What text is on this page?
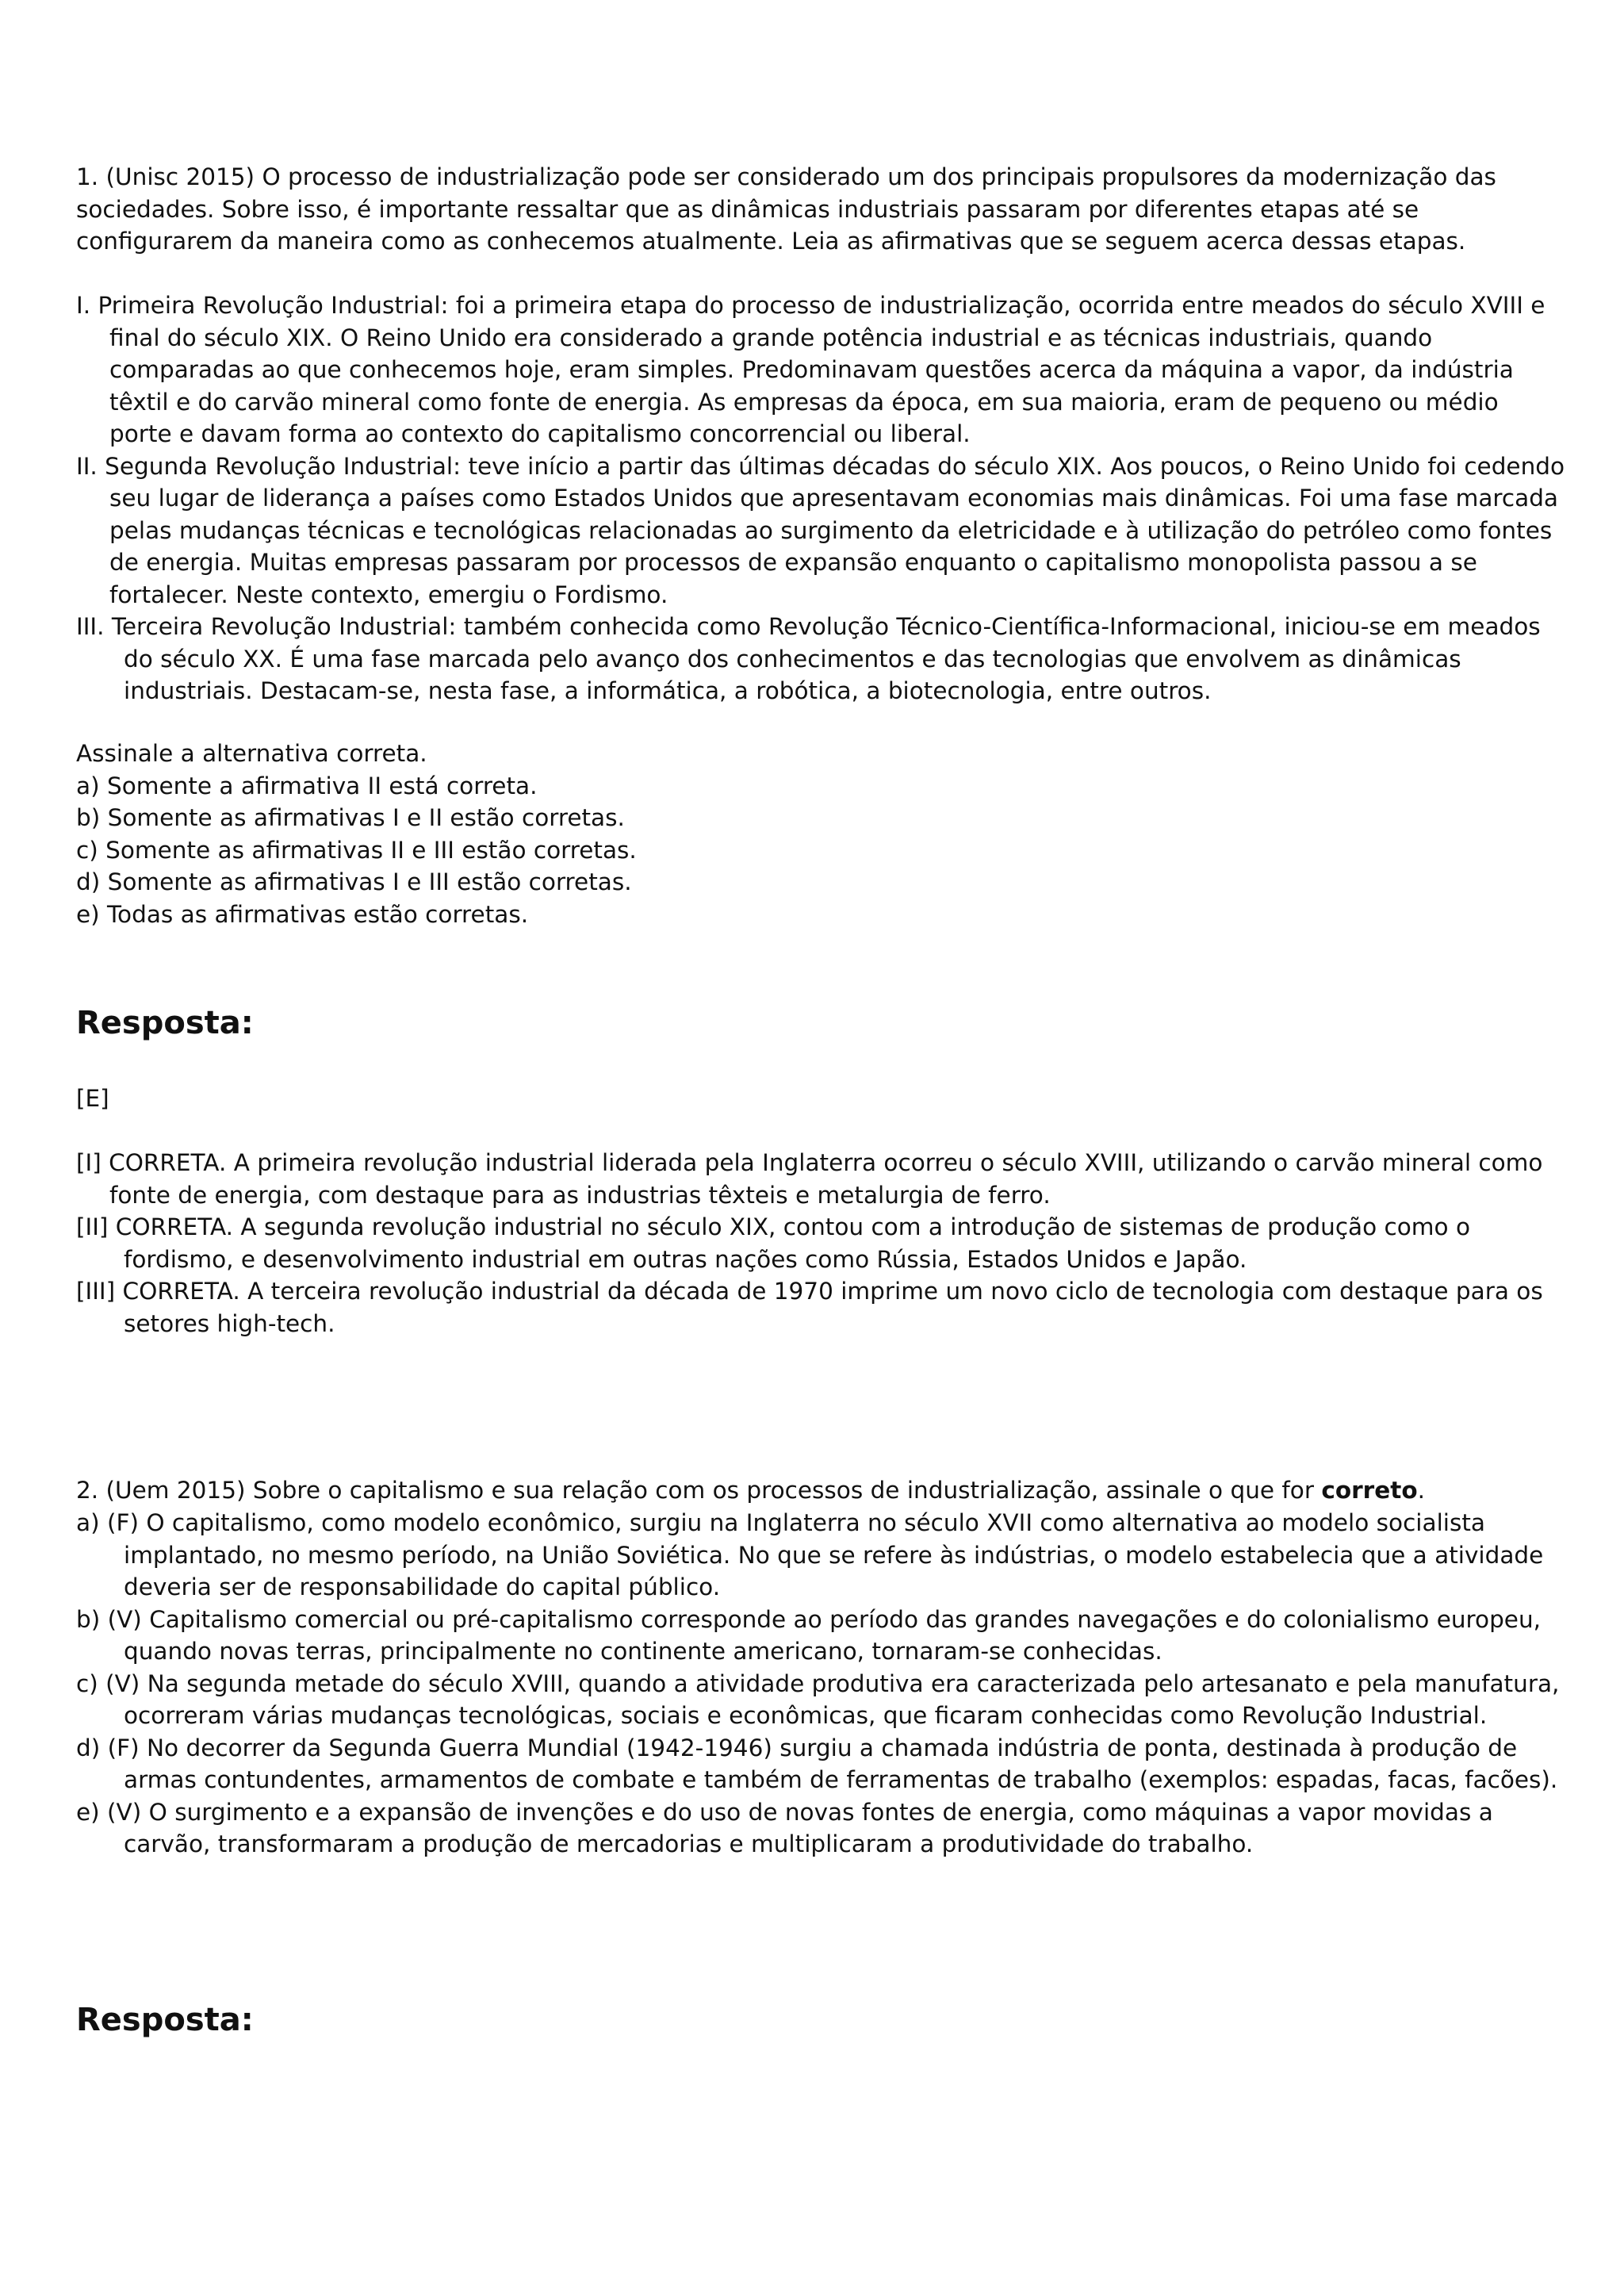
1. (Unisc 2015) O processo de industrialização pode ser considerado um dos principais propulsores da modernização das sociedades. Sobre isso, é importante ressaltar que as dinâmicas industriais passaram por diferentes etapas até se configurarem da maneira como as conhecemos atualmente. Leia as afirmativas que se seguem acerca dessas etapas.

I. Primeira Revolução Industrial: foi a primeira etapa do processo de industrialização, ocorrida entre meados do século XVIII e final do século XIX. O Reino Unido era considerado a grande potência industrial e as técnicas industriais, quando comparadas ao que conhecemos hoje, eram simples. Predominavam questões acerca da máquina a vapor, da indústria têxtil e do carvão mineral como fonte de energia. As empresas da época, em sua maioria, eram de pequeno ou médio porte e davam forma ao contexto do capitalismo concorrencial ou liberal.

II. Segunda Revolução Industrial: teve início a partir das últimas décadas do século XIX. Aos poucos, o Reino Unido foi cedendo seu lugar de liderança a países como Estados Unidos que apresentavam economias mais dinâmicas. Foi uma fase marcada pelas mudanças técnicas e tecnológicas relacionadas ao surgimento da eletricidade e à utilização do petróleo como fontes de energia. Muitas empresas passaram por processos de expansão enquanto o capitalismo monopolista passou a se fortalecer. Neste contexto, emergiu o Fordismo.

III. Terceira Revolução Industrial: também conhecida como Revolução Técnico-Científica-Informacional, iniciou-se em meados do século XX. É uma fase marcada pelo avanço dos conhecimentos e das tecnologias que envolvem as dinâmicas industriais. Destacam-se, nesta fase, a informática, a robótica, a biotecnologia, entre outros.

Assinale a alternativa correta.

a) Somente a afirmativa II está correta.

b) Somente as afirmativas I e II estão corretas.

c) Somente as afirmativas II e III estão corretas.

d) Somente as afirmativas I e III estão corretas.

e) Todas as afirmativas estão corretas.

Resposta:
[E]

[I] CORRETA. A primeira revolução industrial liderada pela Inglaterra ocorreu o século XVIII, utilizando o carvão mineral como fonte de energia, com destaque para as industrias têxteis e metalurgia de ferro.

[II] CORRETA. A segunda revolução industrial no século XIX, contou com a introdução de sistemas de produção como o fordismo, e desenvolvimento industrial em outras nações como Rússia, Estados Unidos e Japão.

[III] CORRETA. A terceira revolução industrial da década de 1970 imprime um novo ciclo de tecnologia com destaque para os setores high-tech.

2. (Uem 2015) Sobre o capitalismo e sua relação com os processos de industrialização, assinale o que for correto.

a) (F) O capitalismo, como modelo econômico, surgiu na Inglaterra no século XVII como alternativa ao modelo socialista implantado, no mesmo período, na União Soviética. No que se refere às indústrias, o modelo estabelecia que a atividade deveria ser de responsabilidade do capital público.

b) (V) Capitalismo comercial ou pré-capitalismo corresponde ao período das grandes navegações e do colonialismo europeu, quando novas terras, principalmente no continente americano, tornaram-se conhecidas.

c) (V) Na segunda metade do século XVIII, quando a atividade produtiva era caracterizada pelo artesanato e pela manufatura, ocorreram várias mudanças tecnológicas, sociais e econômicas, que ficaram conhecidas como Revolução Industrial.

d) (F) No decorrer da Segunda Guerra Mundial (1942-1946) surgiu a chamada indústria de ponta, destinada à produção de armas contundentes, armamentos de combate e também de ferramentas de trabalho (exemplos: espadas, facas, facões).

e) (V) O surgimento e a expansão de invenções e do uso de novas fontes de energia, como máquinas a vapor movidas a carvão, transformaram a produção de mercadorias e multiplicaram a produtividade do trabalho.

Resposta:
